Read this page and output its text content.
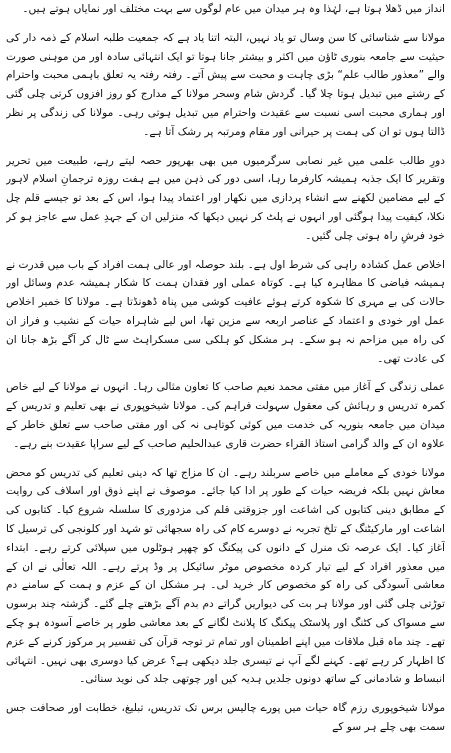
انداز میں ڈھلا ہوتا ہے، لہٰذا وہ ہر میدان میں عام لوگوں سے بہت مختلف اور نمایاں ہوتے ہیں۔

مولانا سے شناسائی کا سن وسال تو یاد نہیں، البتہ اتنا یاد ہے کہ جمعیت طلبہ اسلام کے ذمہ دار کی حیثیت سے جامعہ بنوری ٹاؤن میں اکثر و بیشتر جانا ہوتا تو ایک انتہائی سادہ اور من موہنی صورت والے ”معذور طالب علم“ بڑی چاہت و محبت سے پیش آتے۔ رفتہ رفتہ یہ تعلق باہمی محبت واحترام کے رشتے میں تبدیل ہوتا چلا گیا۔ گردش شام وسحر مولانا کے مدارج کو روز افزوں کرتی چلی گئی اور ہماری محبت اسی نسبت سے عقیدت واحترام میں تبدیل ہوتی رہی۔ مولانا کی زندگی پر نظر ڈالتا ہوں تو ان کی ہمت پر حیرانی اور مقام ومرتبہ پر رشک آتا ہے۔

دورِ طالب علمی میں غیر نصابی سرگرمیوں میں بھی بھرپور حصہ لیتے رہے، طبیعت میں تحریر وتقریر کا ایک جذبہ ہمیشہ کارفرما رہا، اسی دور کی ذہن میں ہے ہفت روزہ ترجمانِ اسلام لاہور کے لیے مضامین لکھنے سے انشاء پردازی میں نکھار اور اعتماد پیدا ہوا، اس کے بعد تو جیسے قلم چل نکلا، کیفیت پیدا ہوگئی اور انہوں نے پلٹ کر نہیں دیکھا کہ منزلیں ان کے جہدِ عمل سے عاجز ہو کر خود فرشِ راہ ہوتی چلی گئیں۔

اخلاص عمل کشادہ راہی کی شرط اول ہے۔ بلند حوصلہ اور عالی ہمت افراد کے باب میں قدرت نے ہمیشہ فیاضی کا مظاہرہ کیا ہے۔ کوتاہ عملی اور فقدان ہمت کا شکار ہمیشہ عدم وسائل اور حالات کی بے مہری کا شکوہ کرتے ہوئے عافیت کوشی میں پناہ ڈھونڈتا ہے۔ مولانا کا خمیر اخلاص عمل اور خودی و اعتماد کے عناصر اربعہ سے مزین تھا، اس لیے شاہراہ حیات کے نشیب و فراز ان کی راہ میں مزاحم نہ ہو سکے۔ ہر مشکل کو ہلکی سی مسکراہٹ سے ٹال کر آگے بڑھ جانا ان کی عادت تھی۔

عملی زندگی کے آغاز میں مفتی محمد نعیم صاحب کا تعاون مثالی رہا۔ انہوں نے مولانا کے لیے خاص کمرہ تدریس و رہائش کی معقول سہولت فراہم کی۔ مولانا شیخوپوری نے بھی تعلیم و تدریس کے میدان میں جامعہ بنوریہ کی خدمت میں کوئی کوتاہی نہ کی اور مفتی صاحب سے تعلق خاطر کے علاوہ ان کے والد گرامی استاذ القراء حضرت قاری عبدالحلیم صاحب کے لیے سراپا عقیدت بنے رہے۔

مولانا خودی کے معاملے میں خاصے سربلند رہے۔ ان کا مزاج تھا کہ دینی تعلیم کی تدریس کو محض معاش نہیں بلکہ فریضہ حیات کے طور پر ادا کیا جائے۔ موصوف نے اپنے ذوق اور اسلاف کی روایت کے مطابق دینی کتابوں کی اشاعت اور جزوقتی قلم کی مزدوری کا سلسلہ شروع کیا۔ کتابوں کی اشاعت اور مارکیٹنگ کے تلخ تجربہ نے دوسرے کام کی راہ سجھائی تو شہد اور کلونجی کی ترسیل کا آغاز کیا۔ ایک عرصہ تک منرل کے دانوں کی پیکنگ کو چھپر ہوٹلوں میں سپلائی کرتے رہے۔ ابتداء میں معذور افراد کے لیے تیار کردہ مخصوص موٹر سائیکل پر وڈ پرتے رہے۔ اللہ تعالٰی نے ان کے معاشی آسودگی کی راہ کو مخصوص کار خرید لی۔ ہر مشکل ان کے عزم و ہمت کے سامنے دم توڑتی چلی گئی اور مولانا ہر بت کی دیواریں گراتے دم بدم آگے بڑھتے چلے گئے۔ گزشتہ چند برسوں سے مسواک کی کٹنگ اور پلاسٹک پیکنگ کا پلانٹ لگانے کے بعد معاشی طور پر خاصے آسودہ ہو چکے تھے۔ چند ماہ قبل ملاقات میں اپنے اطمینان اور تمام تر توجہ قرآن کی تفسیر پر مرکوز کرنے کے عزم کا اظہار کر رہے تھے۔ کہنے لگے آپ نے تیسری جلد دیکھی ہے؟ عرض کیا دوسری بھی نہیں۔ انتہائی انبساط و شادمانی کے ساتھ دونوں جلدیں ہدیہ کیں اور چوتھی جلد کی نوید سنائی۔

مولانا شیخوپوری رزم گاہ حیات میں پورے چالیس برس تک تدریس، تبلیغ، خطابت اور صحافت جس سمت بھی چلے ہر سو کے
